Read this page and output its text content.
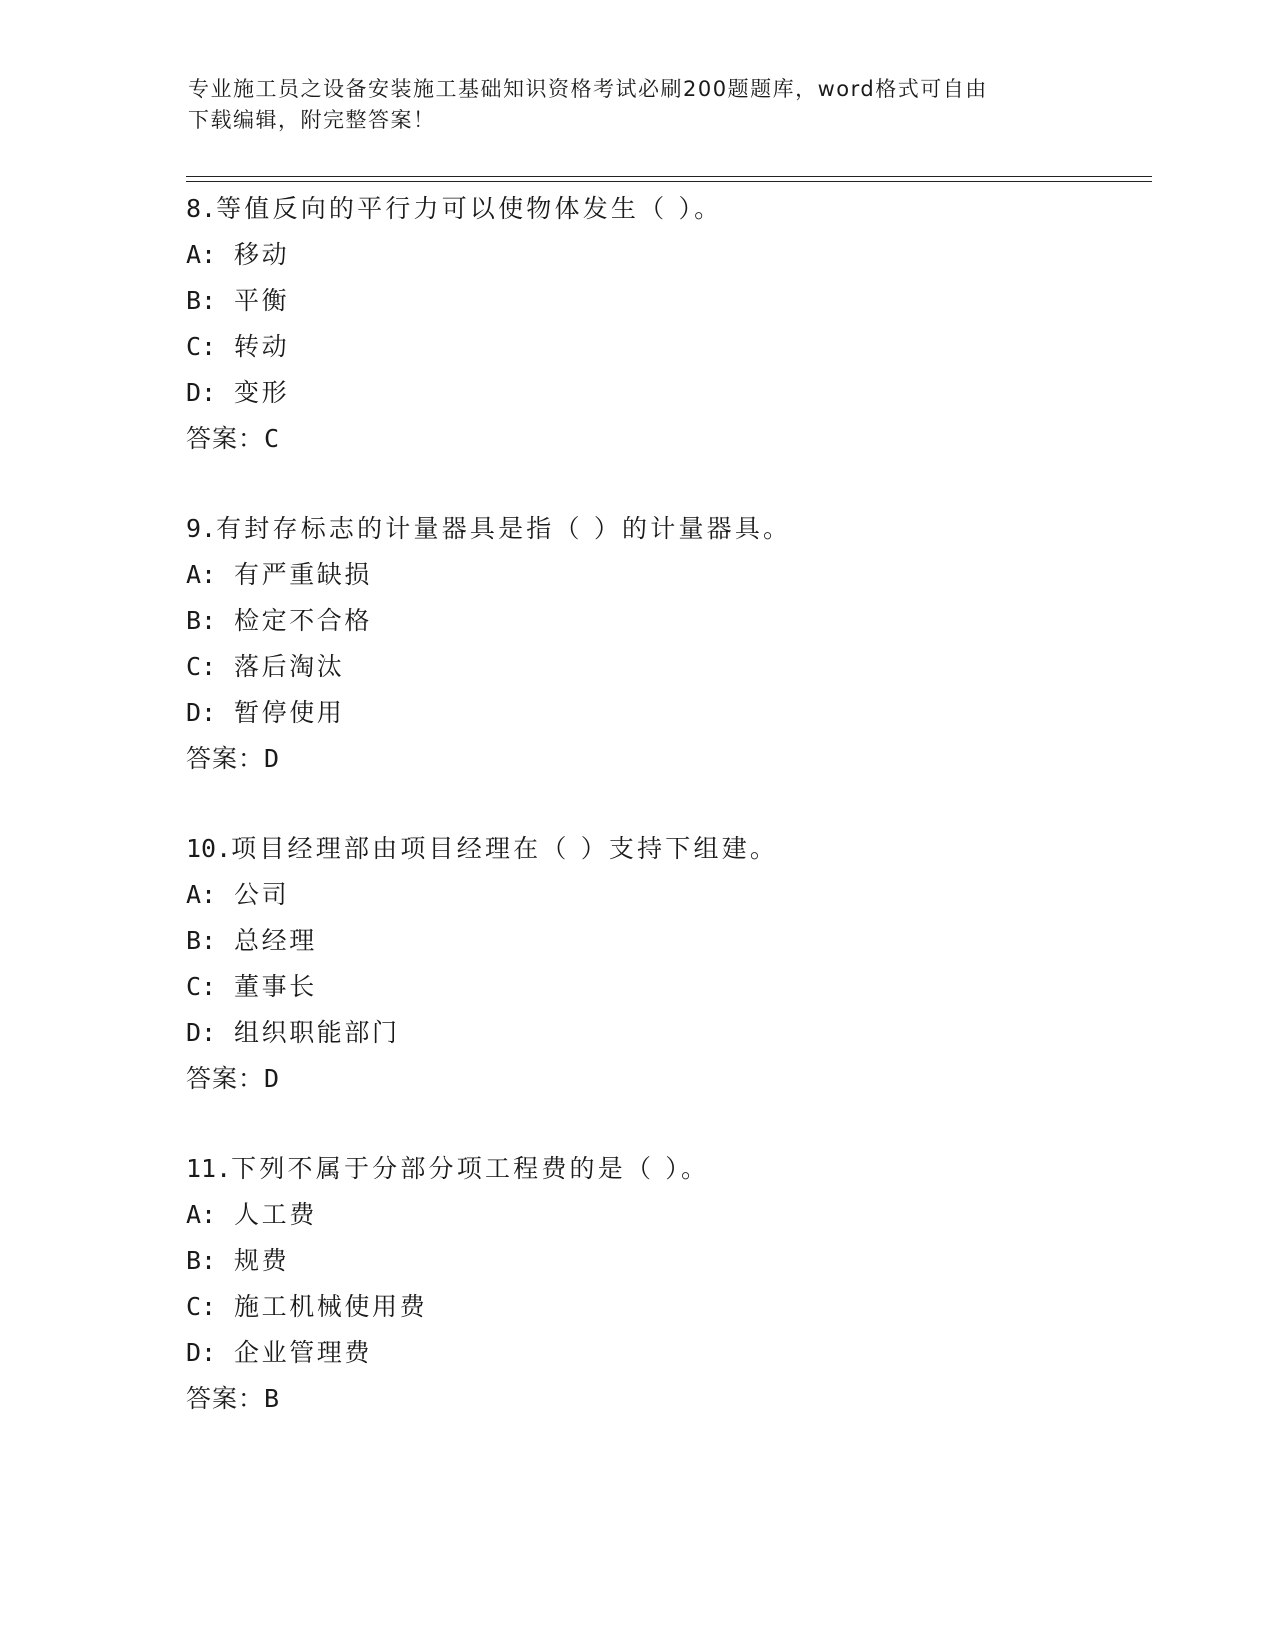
专业施工员之设备安装施工基础知识资格考试必刷200题题库，word格式可自由
下载编辑，附完整答案！
8.等值反向的平行力可以使物体发生（ ）。
A: 移动
B: 平衡
C: 转动
D: 变形
答案：C
9.有封存标志的计量器具是指（ ）的计量器具。
A: 有严重缺损
B: 检定不合格
C: 落后淘汰
D: 暂停使用
答案：D
10.项目经理部由项目经理在（ ）支持下组建。
A: 公司
B: 总经理
C: 董事长
D: 组织职能部门
答案：D
11.下列不属于分部分项工程费的是（ ）。
A: 人工费
B: 规费
C: 施工机械使用费
D: 企业管理费
答案：B
